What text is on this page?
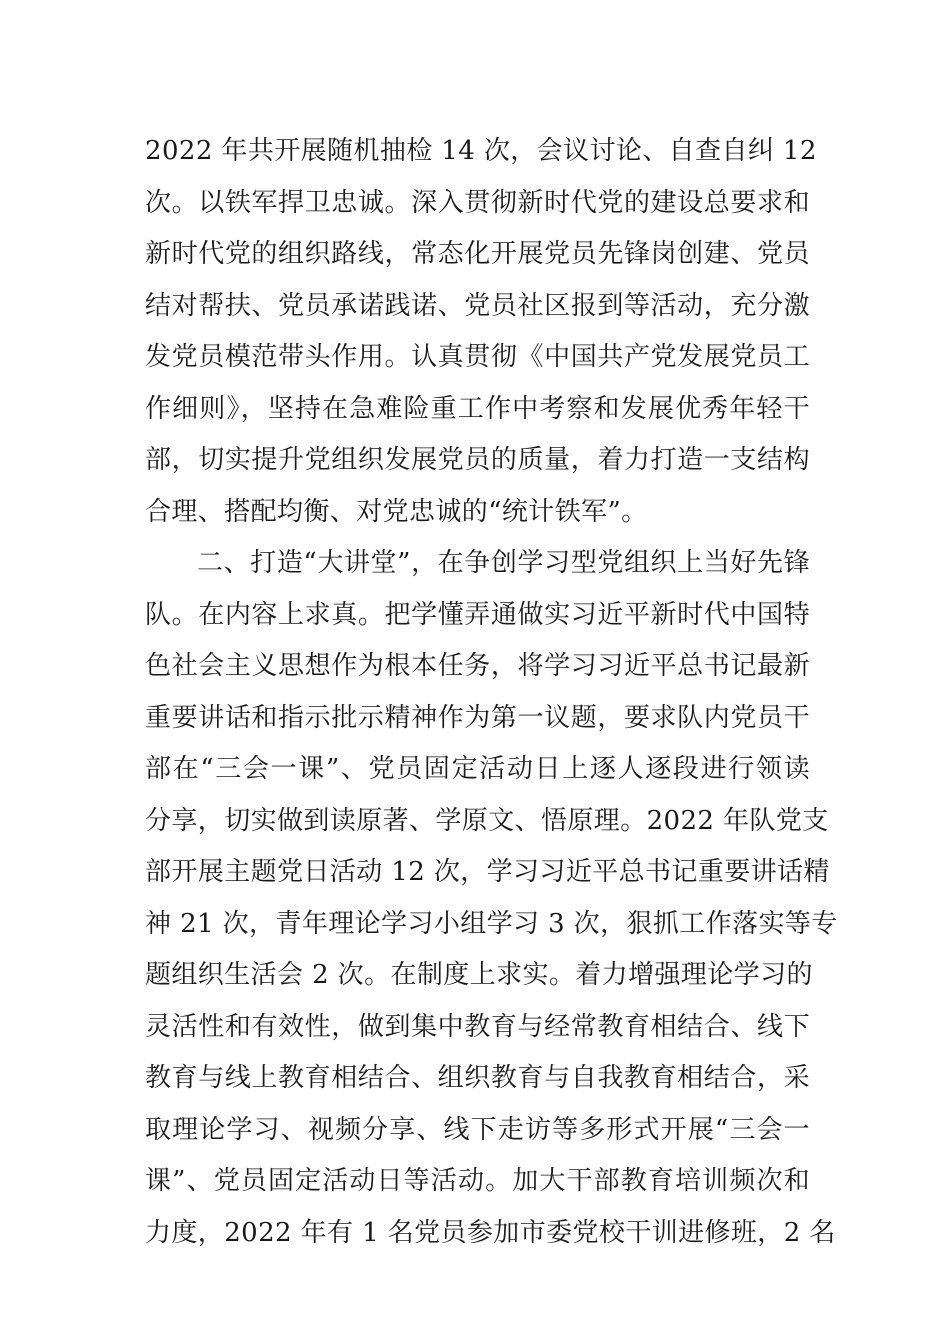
2022 年共开展随机抽检 14 次，会议讨论、自查自纠 12
次。以铁军捍卫忠诚。深入贯彻新时代党的建设总要求和
新时代党的组织路线，常态化开展党员先锋岗创建、党员
结对帮扶、党员承诺践诺、党员社区报到等活动，充分激
发党员模范带头作用。认真贯彻《中国共产党发展党员工
作细则》，坚持在急难险重工作中考察和发展优秀年轻干
部，切实提升党组织发展党员的质量，着力打造一支结构
合理、搭配均衡、对党忠诚的“统计铁军”。
二、打造“大讲堂”，在争创学习型党组织上当好先锋
队。在内容上求真。把学懂弄通做实习近平新时代中国特
色社会主义思想作为根本任务，将学习习近平总书记最新
重要讲话和指示批示精神作为第一议题，要求队内党员干
部在“三会一课”、党员固定活动日上逐人逐段进行领读
分享，切实做到读原著、学原文、悟原理。2022 年队党支
部开展主题党日活动 12 次，学习习近平总书记重要讲话精
神 21 次，青年理论学习小组学习 3 次，狠抓工作落实等专
题组织生活会 2 次。在制度上求实。着力增强理论学习的
灵活性和有效性，做到集中教育与经常教育相结合、线下
教育与线上教育相结合、组织教育与自我教育相结合，采
取理论学习、视频分享、线下走访等多形式开展“三会一
课”、党员固定活动日等活动。加大干部教育培训频次和
力度，2022 年有 1 名党员参加市委党校干训进修班，2 名
